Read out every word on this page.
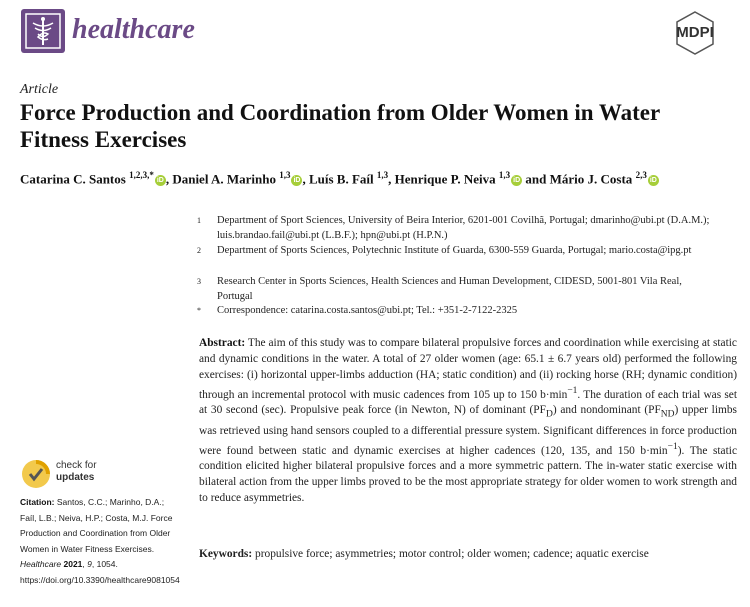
healthcare	MDPI
Article
Force Production and Coordination from Older Women in Water Fitness Exercises
Catarina C. Santos $^{1,2,3,*}$iD , Daniel A. Marinho $^{1,3}$iD , Luís B. Faíl $^{1,3}$, Henrique P. Neiva $^{1,3}$iD and Mário J. Costa $^{2,3}$iD
1 Department of Sport Sciences, University of Beira Interior, 6201-001 Covilhã, Portugal; dmarinho@ubi.pt (D.A.M.); luis.brandao.fail@ubi.pt (L.B.F.); hpn@ubi.pt (H.P.N.)
2 Department of Sports Sciences, Polytechnic Institute of Guarda, 6300-559 Guarda, Portugal; mario.costa@ipg.pt
3 Research Center in Sports Sciences, Health Sciences and Human Development, CIDESD, 5001-801 Vila Real, Portugal
* Correspondence: catarina.costa.santos@ubi.pt; Tel.: +351-2-7122-2325
Abstract: The aim of this study was to compare bilateral propulsive forces and coordination while exercising at static and dynamic conditions in the water. A total of 27 older women (age: 65.1 ± 6.7 years old) performed the following exercises: (i) horizontal upper-limbs adduction (HA; static condition) and (ii) rocking horse (RH; dynamic condition) through an incremental protocol with music cadences from 105 up to 150 $b\cdot\min^{-1}$. The duration of each trial was set at 30 second (sec). Propulsive peak force (in Newton, N) of dominant $(PF_D)$ and nondominant $(PF_{ND})$ upper limbs was retrieved using hand sensors coupled to a differential pressure system. Significant differences in force production were found between static and dynamic exercises at higher cadences (120, 135, and 150 $b\cdot\min^{-1}$). The static condition elicited higher bilateral propulsive forces and a more symmetric pattern. The in-water static exercise with bilateral action from the upper limbs proved to be the most appropriate strategy for older women to work strength and to reduce asymmetries.
Keywords: propulsive force; asymmetries; motor control; older women; cadence; aquatic exercise
check for
updates
Citation: Santos, C.C.; Marinho, D.A.; Faíl, L.B.; Neiva, H.P.; Costa, M.J. Force Production and Coordination from Older Women in Water Fitness Exercises. Healthcare 2021, 9, 1054. https://doi.org/10.3390/healthcare9081054
